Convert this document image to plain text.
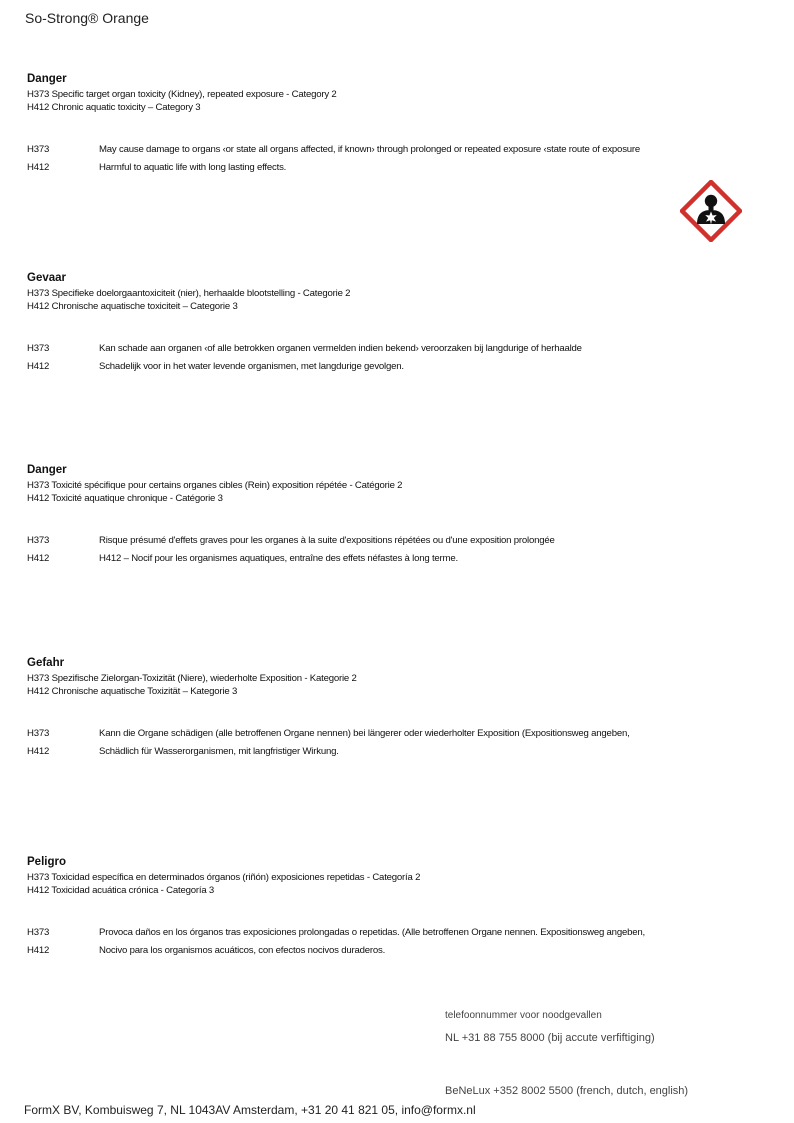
So-Strong® Orange
Danger
H373 Specific target organ toxicity (Kidney), repeated exposure - Category 2
H412 Chronic aquatic toxicity – Category 3
H373	May cause damage to organs ‹or state all organs affected, if known› through prolonged or repeated exposure ‹state route of exposure
H412	Harmful to aquatic life with long lasting effects.
Gevaar
H373 Specifieke doelorgaantoxiciteit (nier), herhaalde blootstelling - Categorie 2
H412 Chronische aquatische toxiciteit – Categorie 3
H373	Kan schade aan organen ‹of alle betrokken organen vermelden indien bekend› veroorzaken bij langdurige of herhaalde
H412	Schadelijk voor in het water levende organismen, met langdurige gevolgen.
Danger
H373 Toxicité spécifique pour certains organes cibles (Rein) exposition répétée - Catégorie 2
H412 Toxicité aquatique chronique - Catégorie 3
H373	Risque présumé d'effets graves pour les organes à la suite d'expositions répétées ou d'une exposition prolongée
H412	H412 – Nocif pour les organismes aquatiques, entraîne des effets néfastes à long terme.
Gefahr
H373 Spezifische Zielorgan-Toxizität (Niere), wiederholte Exposition - Kategorie 2
H412 Chronische aquatische Toxizität – Kategorie 3
H373	Kann die Organe schädigen (alle betroffenen Organe nennen) bei längerer oder wiederholter Exposition (Expositionsweg angeben,
H412	Schädlich für Wasserorganismen, mit langfristiger Wirkung.
Peligro
H373 Toxicidad específica en determinados órganos (riñón) exposiciones repetidas - Categoría 2
H412 Toxicidad acuática crónica - Categoría 3
H373	Provoca daños en los órganos tras exposiciones prolongadas o repetidas. (Alle betroffenen Organe nennen. Expositionsweg angeben,
H412	Nocivo para los organismos acuáticos, con efectos nocivos duraderos.
telefoonnummer voor noodgevallen
NL +31 88 755 8000 (bij accute verfiftiging)
BeNeLux +352 8002 5500 (french, dutch, english)
FormX BV, Kombuisweg 7, NL 1043AV Amsterdam, +31 20 41 821 05, info@formx.nl
